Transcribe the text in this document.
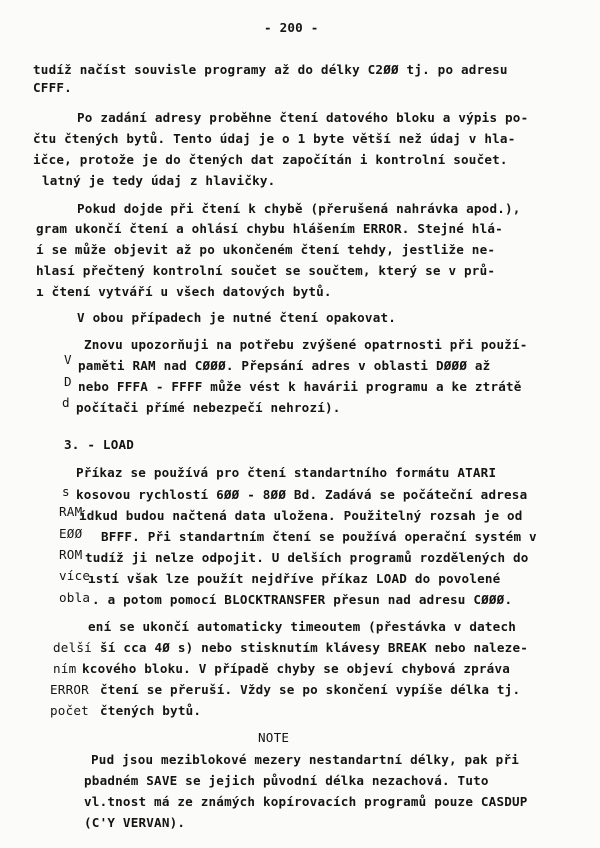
- 200 -
tudíž načíst souvisle programy až do délky C2ØØ tj. po adresu
CFFF.
Po zadání adresy proběhne čtení datového bloku a výpis po-
čtu čtených bytů. Tento údaj je o 1 byte větší než údaj v hla-
ičce, protože je do čtených dat započítán i kontrolní součet.
latný je tedy údaj z hlavičky.
Pokud dojde při čtení k chybě (přerušená nahrávka apod.),
gram ukončí čtení a ohlásí chybu hlášením ERROR. Stejné hlá-
í se může objevit až po ukončeném čtení tehdy, jestliže ne-
hlasí přečtený kontrolní součet se součtem, který se v prů-
ı čtení vytváří u všech datových bytů.
V obou případech je nutné čtení opakovat.
Znovu upozorňuji na potřebu zvýšené opatrnosti při použí-
V paměti RAM nad CØØØ. Přepsání adres v oblasti DØØØ až
D nebo FFFA - FFFF může vést k havárii programu a ke ztrátě
d počítači přímé nebezpečí nehrozí).
3. - LOAD
Příkaz se používá pro čtení standartního formátu ATARI
s kosovou rychlostí 6ØØ - 8ØØ Bd. Zadává se počáteční adresa
RAM
ídkud budou načtená data uložena. Použitelný rozsah je od
EØØ BFFF. Při standartním čtení se používá operační systém v
ROM tudíž ji nelze odpojit. U delších programů rozdělených do
více
ıstí však lze použít nejdříve příkaz LOAD do povolené
obla . a potom pomocí BLOCKTRANSFER přesun nad adresu CØØØ.
ení se ukončí automaticky timeoutem (přestávka v datech
delší ší cca 4Ø s) nebo stisknutím klávesy BREAK nebo naleze-
ním kcového bloku. V případě chyby se objeví chybová zpráva
ERROR čtení se přeruší. Vždy se po skončení vypíše délka tj.
počet čtených bytů.
NOTE
Pud jsou meziblokové mezery nestandartní délky, pak při
pbadném SAVE se jejich původní délka nezachová. Tuto
vl.tnost má ze známých kopírovacích programů pouze CASDUP
(C'Y VERVAN).
